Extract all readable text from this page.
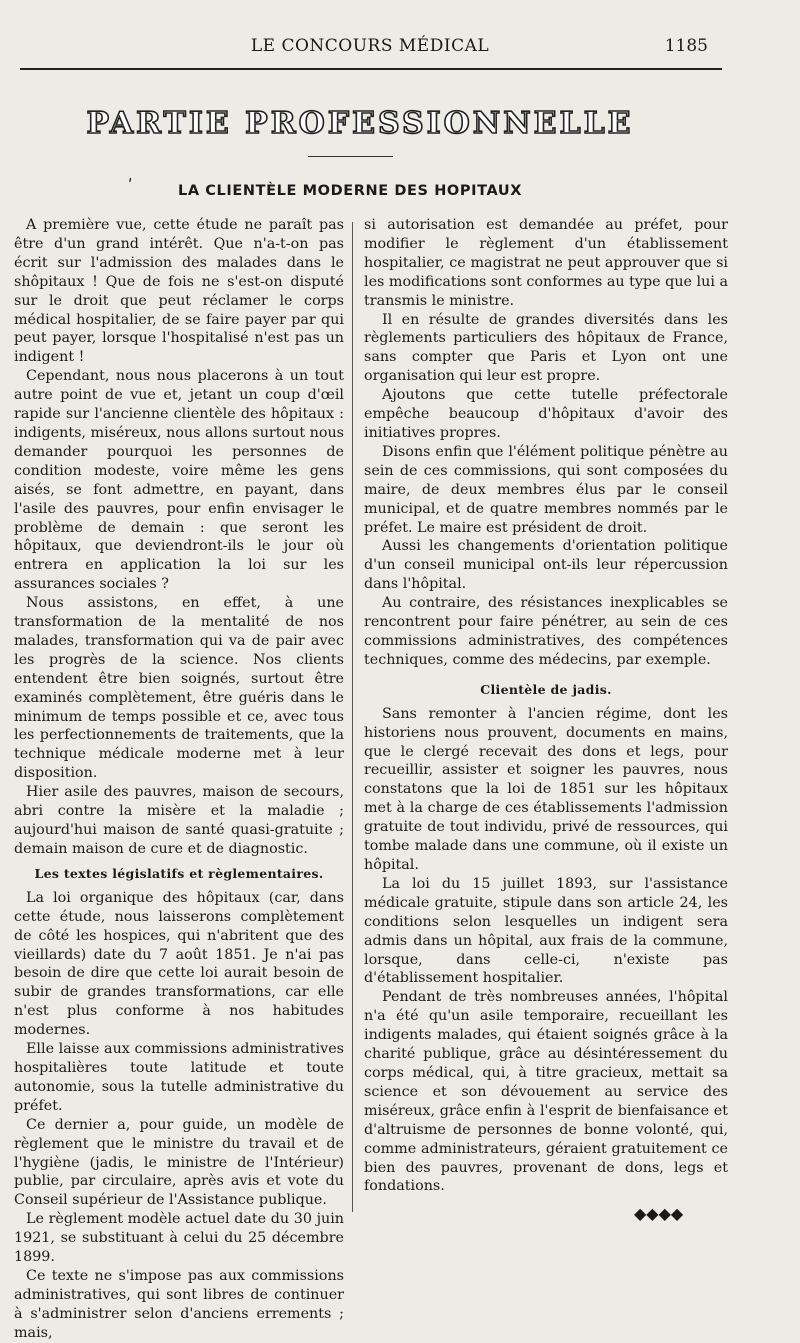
LE CONCOURS MÉDICAL	1185
PARTIE PROFESSIONNELLE
ʹ	LA CLIENTÈLE MODERNE DES HOPITAUX

A première vue, cette étude ne paraît pas être d'un grand intérêt. Que n'a-t-on pas écrit sur l'admission des malades dans le shôpitaux ! Que de fois ne s'est-on disputé sur le droit que peut réclamer le corps médical hospitalier, de se faire payer par qui peut payer, lorsque l'hospitalisé n'est pas un indigent !

Cependant, nous nous placerons à un tout autre point de vue et, jetant un coup d'œil rapide sur l'ancienne clientèle des hôpitaux : indigents, miséreux, nous allons surtout nous demander pourquoi les personnes de condition modeste, voire même les gens aisés, se font admettre, en payant, dans l'asile des pauvres, pour enfin envisager le problème de demain : que seront les hôpitaux, que deviendront-ils le jour où entrera en application la loi sur les assurances sociales ?

Nous assistons, en effet, à une transformation de la mentalité de nos malades, transformation qui va de pair avec les progrès de la science. Nos clients entendent être bien soignés, surtout être examinés complètement, être guéris dans le minimum de temps possible et ce, avec tous les perfectionnements de traitements, que la technique médicale moderne met à leur disposition.

Hier asile des pauvres, maison de secours, abri contre la misère et la maladie ; aujourd'hui maison de santé quasi-gratuite ; demain maison de cure et de diagnostic.

Les textes législatifs et règlementaires.

La loi organique des hôpitaux (car, dans cette étude, nous laisserons complètement de côté les hospices, qui n'abritent que des vieillards) date du 7 août 1851. Je n'ai pas besoin de dire que cette loi aurait besoin de subir de grandes transformations, car elle n'est plus conforme à nos habitudes modernes.

Elle laisse aux commissions administratives hospitalières toute latitude et toute autonomie, sous la tutelle administrative du préfet.

Ce dernier a, pour guide, un modèle de règlement que le ministre du travail et de l'hygiène (jadis, le ministre de l'Intérieur) publie, par circulaire, après avis et vote du Conseil supérieur de l'Assistance publique.

Le règlement modèle actuel date du 30 juin 1921, se substituant à celui du 25 décembre 1899.

Ce texte ne s'impose pas aux commissions administratives, qui sont libres de continuer à s'administrer selon d'anciens errements ; mais,

si autorisation est demandée au préfet, pour modifier le règlement d'un établissement hospitalier, ce magistrat ne peut approuver que si les modifications sont conformes au type que lui a transmis le ministre.

Il en résulte de grandes diversités dans les règlements particuliers des hôpitaux de France, sans compter que Paris et Lyon ont une organisation qui leur est propre.

Ajoutons que cette tutelle préfectorale empêche beaucoup d'hôpitaux d'avoir des initiatives propres.

Disons enfin que l'élément politique pénètre au sein de ces commissions, qui sont composées du maire, de deux membres élus par le conseil municipal, et de quatre membres nommés par le préfet. Le maire est président de droit.

Aussi les changements d'orientation politique d'un conseil municipal ont-ils leur répercussion dans l'hôpital.

Au contraire, des résistances inexplicables se rencontrent pour faire pénétrer, au sein de ces commissions administratives, des compétences techniques, comme des médecins, par exemple.

Clientèle de jadis.

Sans remonter à l'ancien régime, dont les historiens nous prouvent, documents en mains, que le clergé recevait des dons et legs, pour recueillir, assister et soigner les pauvres, nous constatons que la loi de 1851 sur les hôpitaux met à la charge de ces établissements l'admission gratuite de tout individu, privé de ressources, qui tombe malade dans une commune, où il existe un hôpital.

La loi du 15 juillet 1893, sur l'assistance médicale gratuite, stipule dans son article 24, les conditions selon lesquelles un indigent sera admis dans un hôpital, aux frais de la commune, lorsque, dans celle-ci, n'existe pas d'établissement hospitalier.

Pendant de très nombreuses années, l'hôpital n'a été qu'un asile temporaire, recueillant les indigents malades, qui étaient soignés grâce à la charité publique, grâce au désintéressement du corps médical, qui, à titre gracieux, mettait sa science et son dévouement au service des miséreux, grâce enfin à l'esprit de bienfaisance et d'altruisme de personnes de bonne volonté, qui, comme administrateurs, géraient gratuitement ce bien des pauvres, provenant de dons, legs et fondations.

◆◆◆◆
